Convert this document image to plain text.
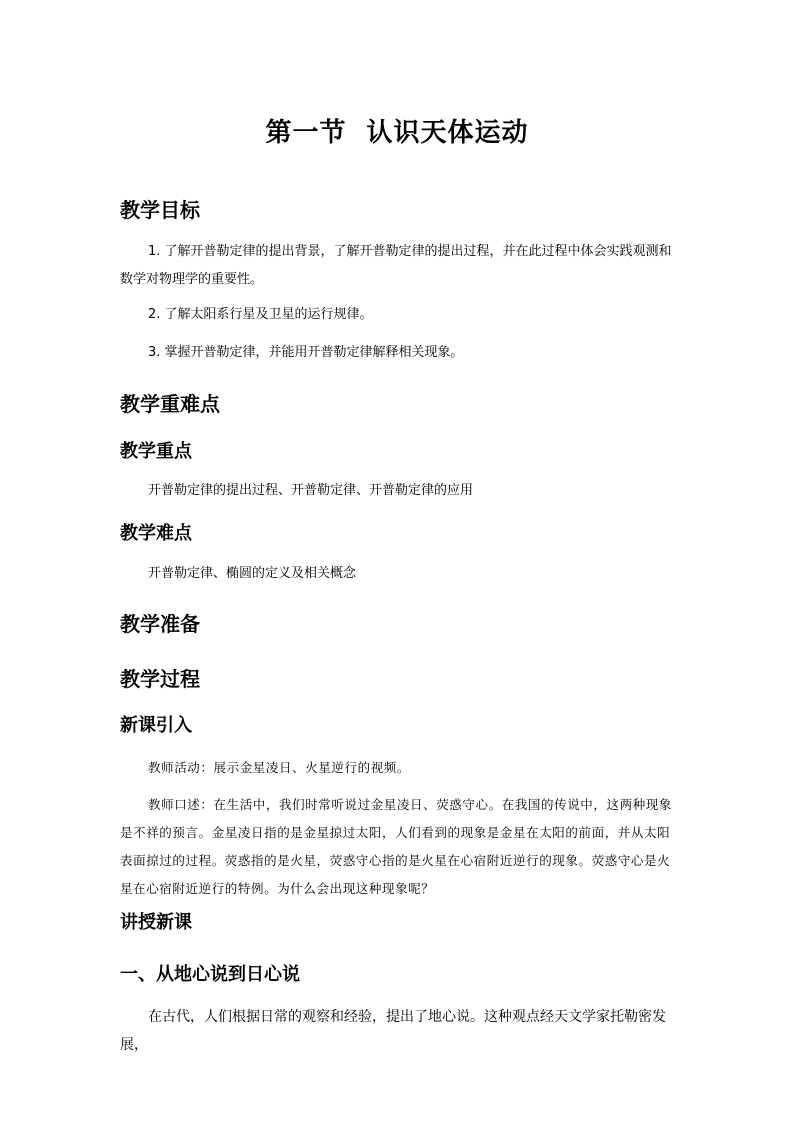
第一节  认识天体运动
教学目标
1. 了解开普勒定律的提出背景，了解开普勒定律的提出过程，并在此过程中体会实践观测和数学对物理学的重要性。
2. 了解太阳系行星及卫星的运行规律。
3. 掌握开普勒定律，并能用开普勒定律解释相关现象。
教学重难点
教学重点
开普勒定律的提出过程、开普勒定律、开普勒定律的应用
教学难点
开普勒定律、椭圆的定义及相关概念
教学准备
教学过程
新课引入
教师活动：展示金星凌日、火星逆行的视频。
教师口述：在生活中，我们时常听说过金星凌日、荧惑守心。在我国的传说中，这两种现象是不祥的预言。金星凌日指的是金星掠过太阳，人们看到的现象是金星在太阳的前面，并从太阳表面掠过的过程。荧惑指的是火星，荧惑守心指的是火星在心宿附近逆行的现象。荧惑守心是火星在心宿附近逆行的特例。为什么会出现这种现象呢？
讲授新课
一、从地心说到日心说
在古代，人们根据日常的观察和经验，提出了地心说。这种观点经天文学家托勒密发展，
